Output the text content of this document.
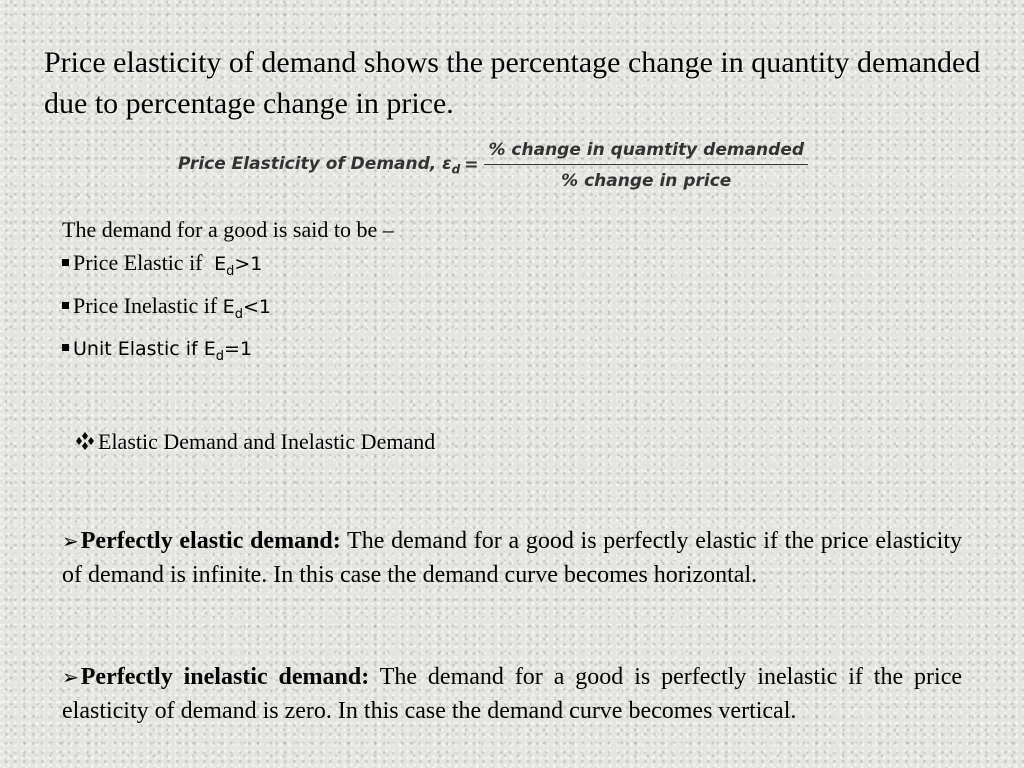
Price elasticity of demand shows the percentage change in quantity demanded due to percentage change in price.

Price Elasticity of Demand, $\varepsilon_d = \frac{\text{\% change in quamtity demanded}}{\text{\% change in price}}$

The demand for a good is said to be –

Price Elastic if $E_d>1$
Price Inelastic if $E_d<1$
Unit Elastic if $E_d=1$
Elastic Demand and Inelastic Demand

➢Perfectly elastic demand: The demand for a good is perfectly elastic if the price elasticity of demand is infinite. In this case the demand curve becomes horizontal.

➢Perfectly inelastic demand: The demand for a good is perfectly inelastic if the price elasticity of demand is zero. In this case the demand curve becomes vertical.
